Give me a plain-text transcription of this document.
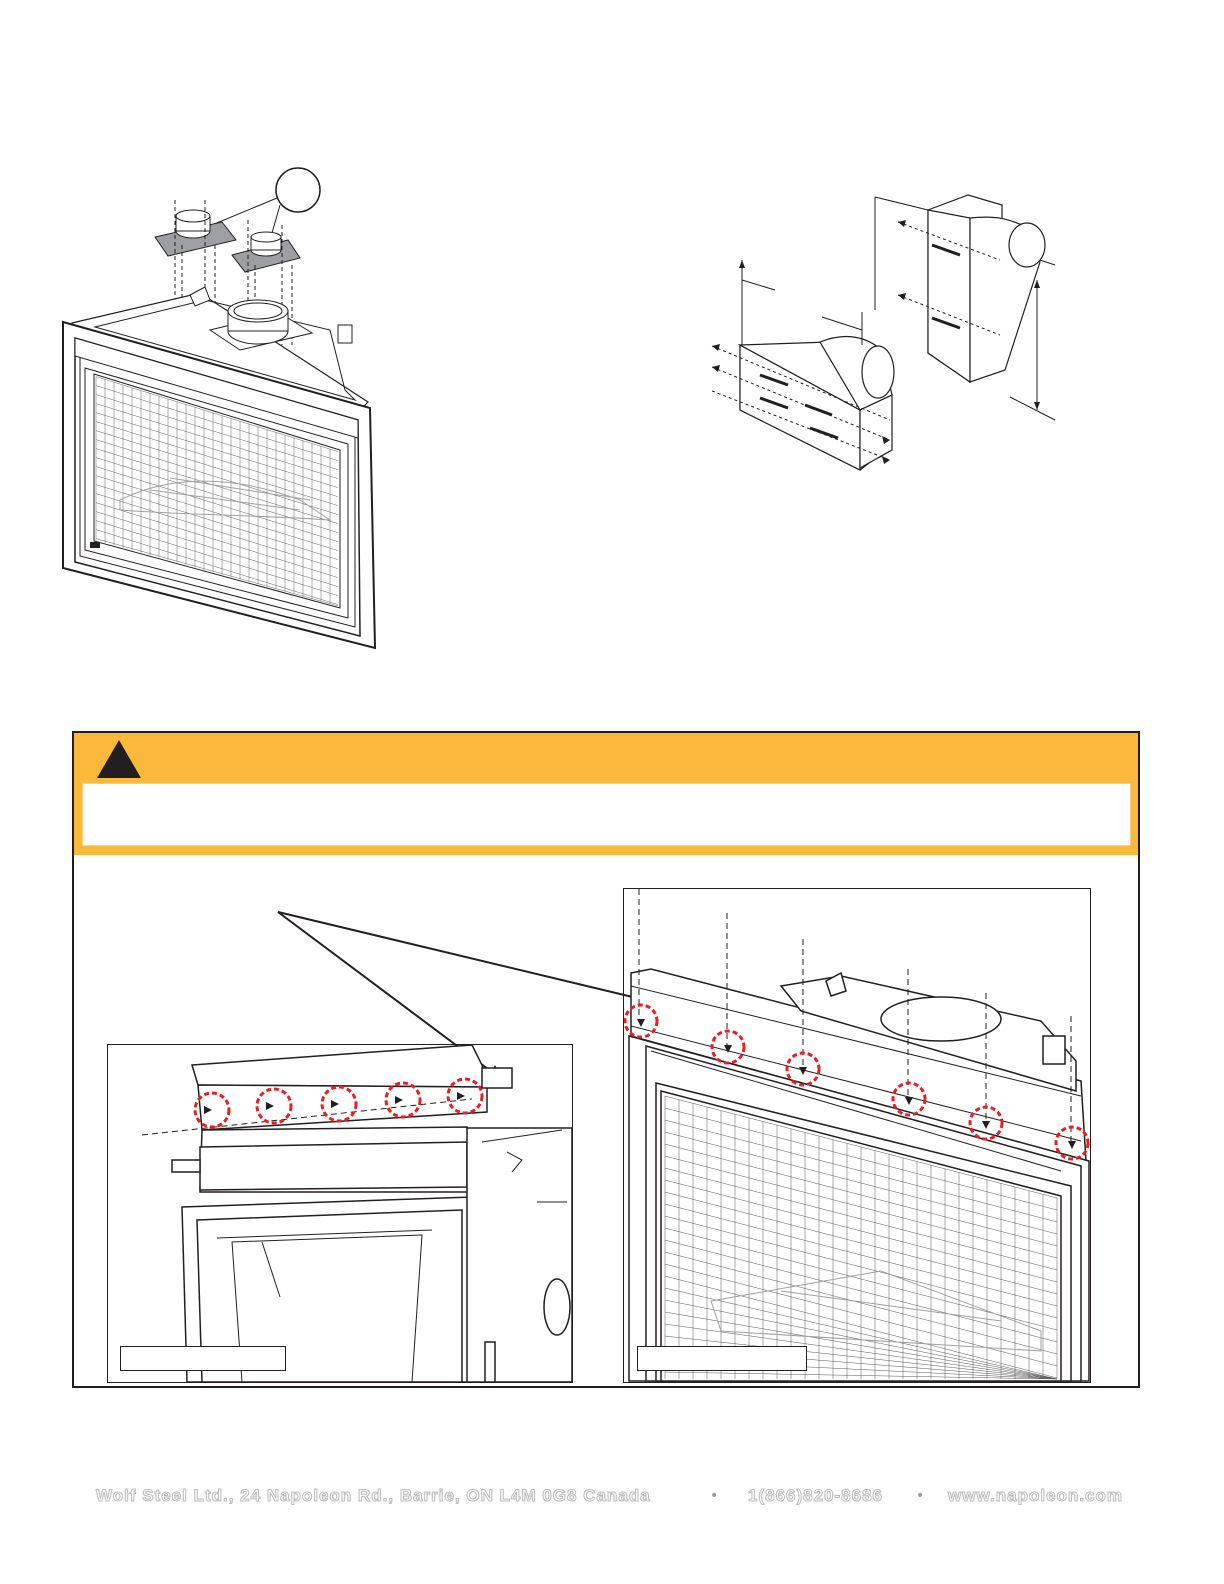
Wolf Steel Ltd., 24 Napoleon Rd., Barrie, ON L4M 0G8 Canada	• 1(866)820-8686 • www.napoleon.com
